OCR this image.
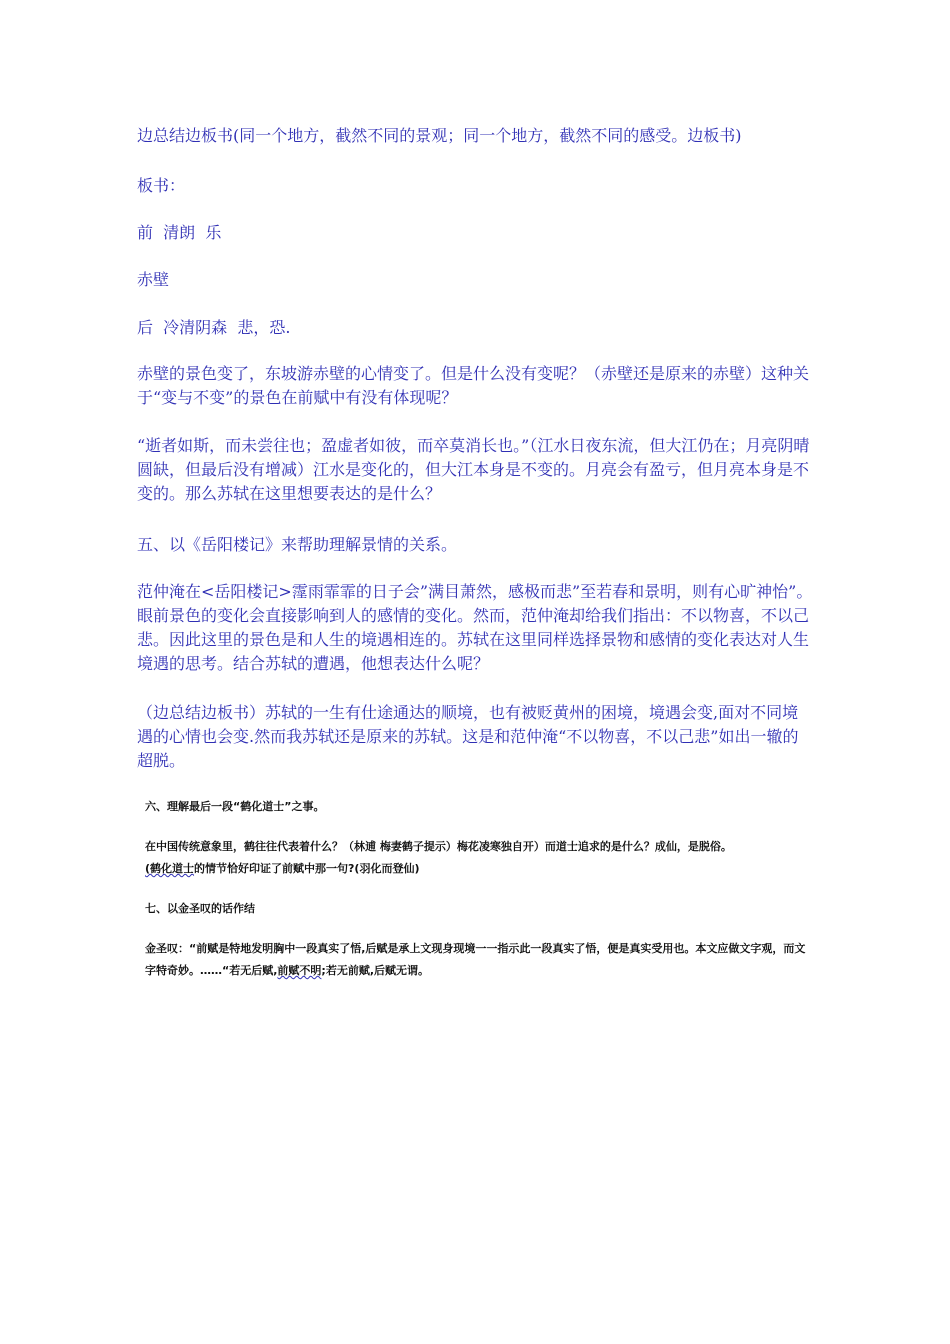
边总结边板书(同一个地方，截然不同的景观；同一个地方，截然不同的感受。边板书)

板书：

前  清朗  乐

赤壁

后  冷清阴森  悲，恐.

赤壁的景色变了，东坡游赤壁的心情变了。但是什么没有变呢？（赤壁还是原来的赤壁）这种关于“变与不变”的景色在前赋中有没有体现呢？

“逝者如斯，而未尝往也；盈虚者如彼，而卒莫消长也。”（江水日夜东流，但大江仍在；月亮阴晴圆缺，但最后没有增减）江水是变化的，但大江本身是不变的。月亮会有盈亏，但月亮本身是不变的。那么苏轼在这里想要表达的是什么？

五、以《岳阳楼记》来帮助理解景情的关系。

范仲淹在<岳阳楼记>霪雨霏霏的日子会”满目萧然，感极而悲”至若春和景明，则有心旷神怡”。眼前景色的变化会直接影响到人的感情的变化。然而，范仲淹却给我们指出：不以物喜，不以己悲。因此这里的景色是和人生的境遇相连的。苏轼在这里同样选择景物和感情的变化表达对人生境遇的思考。结合苏轼的遭遇，他想表达什么呢？

（边总结边板书）苏轼的一生有仕途通达的顺境，也有被贬黄州的困境，境遇会变,面对不同境遇的心情也会变.然而我苏轼还是原来的苏轼。这是和范仲淹“不以物喜，不以己悲”如出一辙的超脱。

六、理解最后一段“鹤化道士”之事。

在中国传统意象里，鹤往往代表着什么？（林逋 梅妻鹤子提示）梅花凌寒独自开）而道士追求的是什么？成仙，是脱俗。
(鹤化道士的情节恰好印证了前赋中那一句?(羽化而登仙)

七、以金圣叹的话作结

金圣叹：“前赋是特地发明胸中一段真实了悟,后赋是承上文现身现境一一指示此一段真实了悟，便是真实受用也。本文应做文字观，而文字特奇妙。……“若无后赋,前赋不明;若无前赋,后赋无谓。
